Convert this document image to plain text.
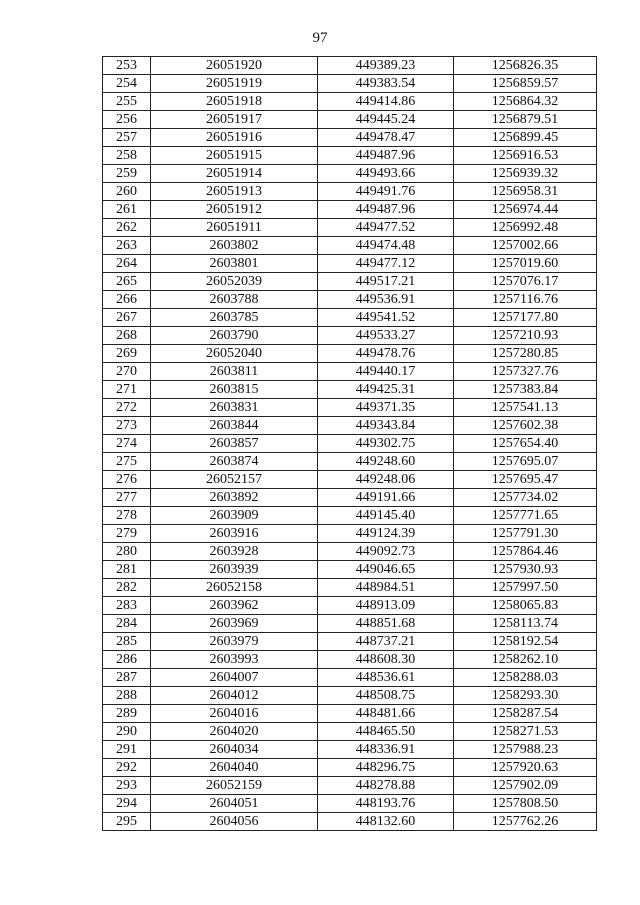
97
253	26051920	449389.23	1256826.35
254	26051919	449383.54	1256859.57
255	26051918	449414.86	1256864.32
256	26051917	449445.24	1256879.51
257	26051916	449478.47	1256899.45
258	26051915	449487.96	1256916.53
259	26051914	449493.66	1256939.32
260	26051913	449491.76	1256958.31
261	26051912	449487.96	1256974.44
262	26051911	449477.52	1256992.48
263	2603802	449474.48	1257002.66
264	2603801	449477.12	1257019.60
265	26052039	449517.21	1257076.17
266	2603788	449536.91	1257116.76
267	2603785	449541.52	1257177.80
268	2603790	449533.27	1257210.93
269	26052040	449478.76	1257280.85
270	2603811	449440.17	1257327.76
271	2603815	449425.31	1257383.84
272	2603831	449371.35	1257541.13
273	2603844	449343.84	1257602.38
274	2603857	449302.75	1257654.40
275	2603874	449248.60	1257695.07
276	26052157	449248.06	1257695.47
277	2603892	449191.66	1257734.02
278	2603909	449145.40	1257771.65
279	2603916	449124.39	1257791.30
280	2603928	449092.73	1257864.46
281	2603939	449046.65	1257930.93
282	26052158	448984.51	1257997.50
283	2603962	448913.09	1258065.83
284	2603969	448851.68	1258113.74
285	2603979	448737.21	1258192.54
286	2603993	448608.30	1258262.10
287	2604007	448536.61	1258288.03
288	2604012	448508.75	1258293.30
289	2604016	448481.66	1258287.54
290	2604020	448465.50	1258271.53
291	2604034	448336.91	1257988.23
292	2604040	448296.75	1257920.63
293	26052159	448278.88	1257902.09
294	2604051	448193.76	1257808.50
295	2604056	448132.60	1257762.26
